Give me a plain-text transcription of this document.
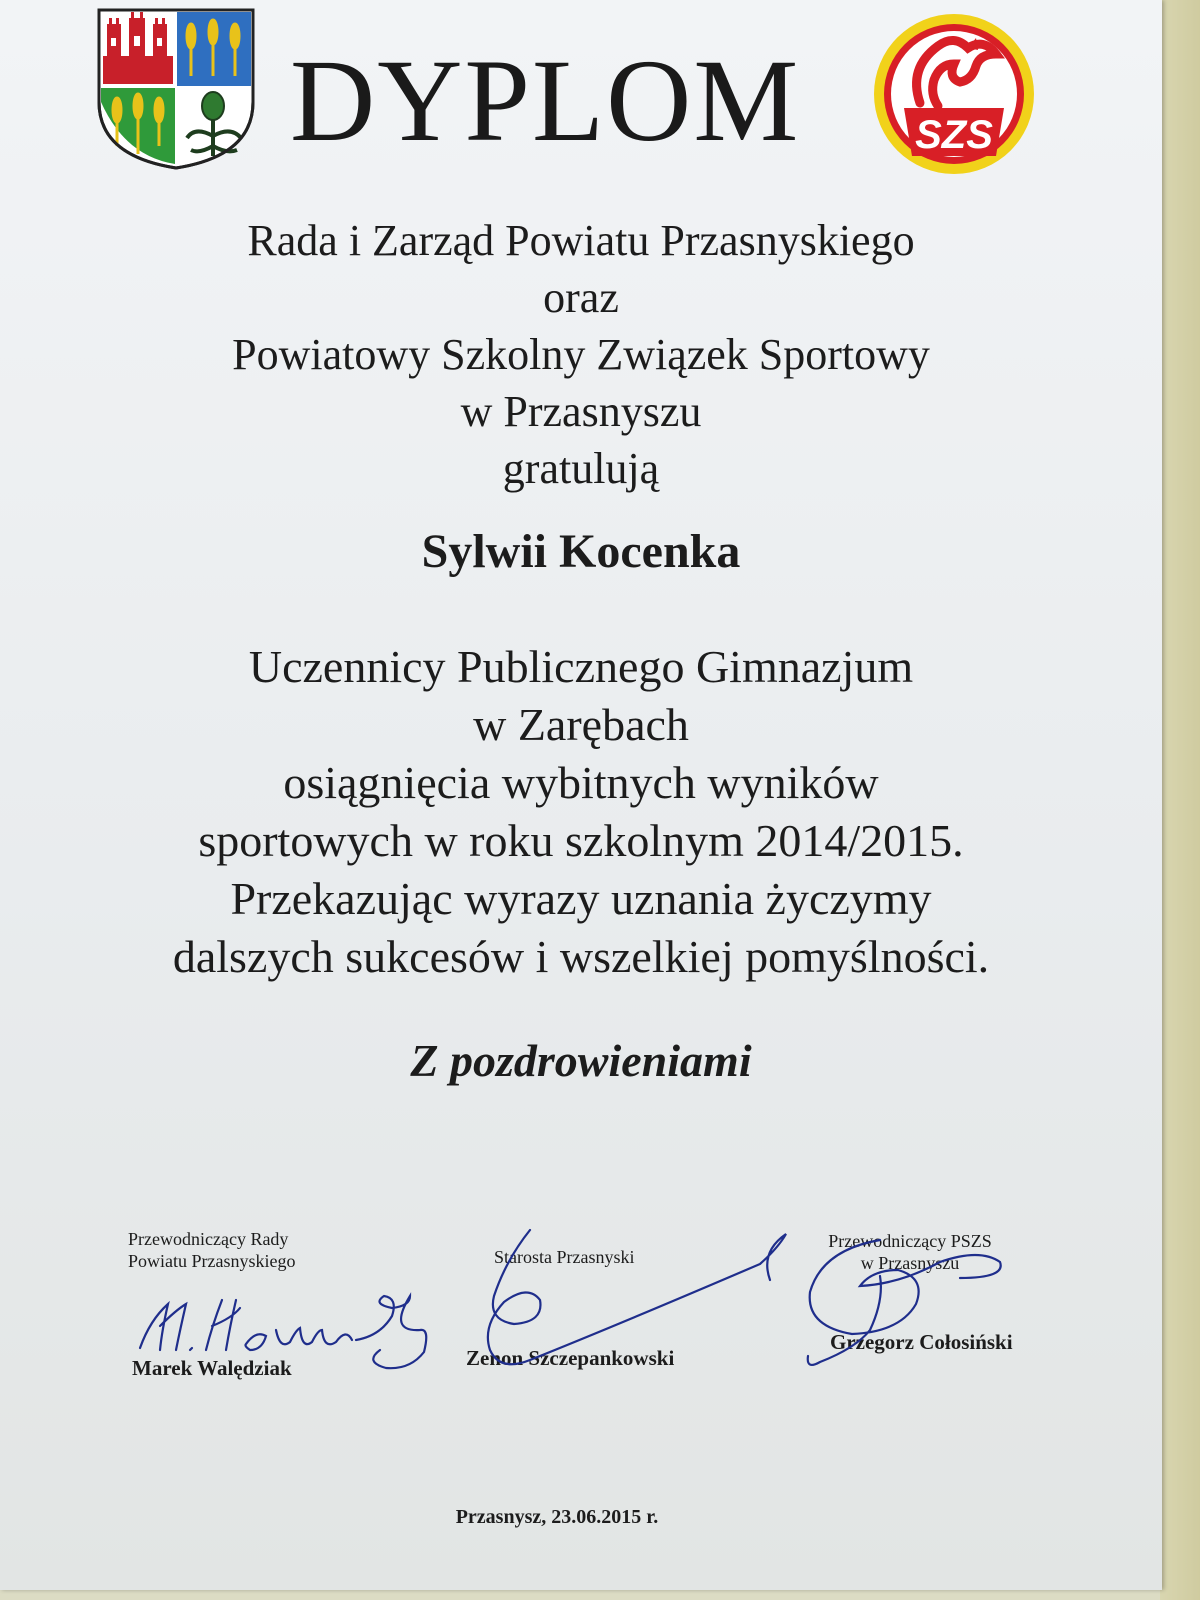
DYPLOM	SZS
Rada i Zarząd Powiatu Przasnyskiego
oraz
Powiatowy Szkolny Związek Sportowy
w Przasnyszu
gratulują
Sylwii Kocenka
Uczennicy Publicznego Gimnazjum
w Zarębach
osiągnięcia wybitnych wyników
sportowych w roku szkolnym 2014/2015.
Przekazując wyrazy uznania życzymy
dalszych sukcesów i wszelkiej pomyślności.
Z pozdrowieniami
Przewodniczący Rady
Powiatu Przasnyskiego
Marek Walędziak
Starosta Przasnyski
Zenon Szczepankowski
Przewodniczący PSZS
w Przasnyszu
Grzegorz Cołosiński
Przasnysz, 23.06.2015 r.
